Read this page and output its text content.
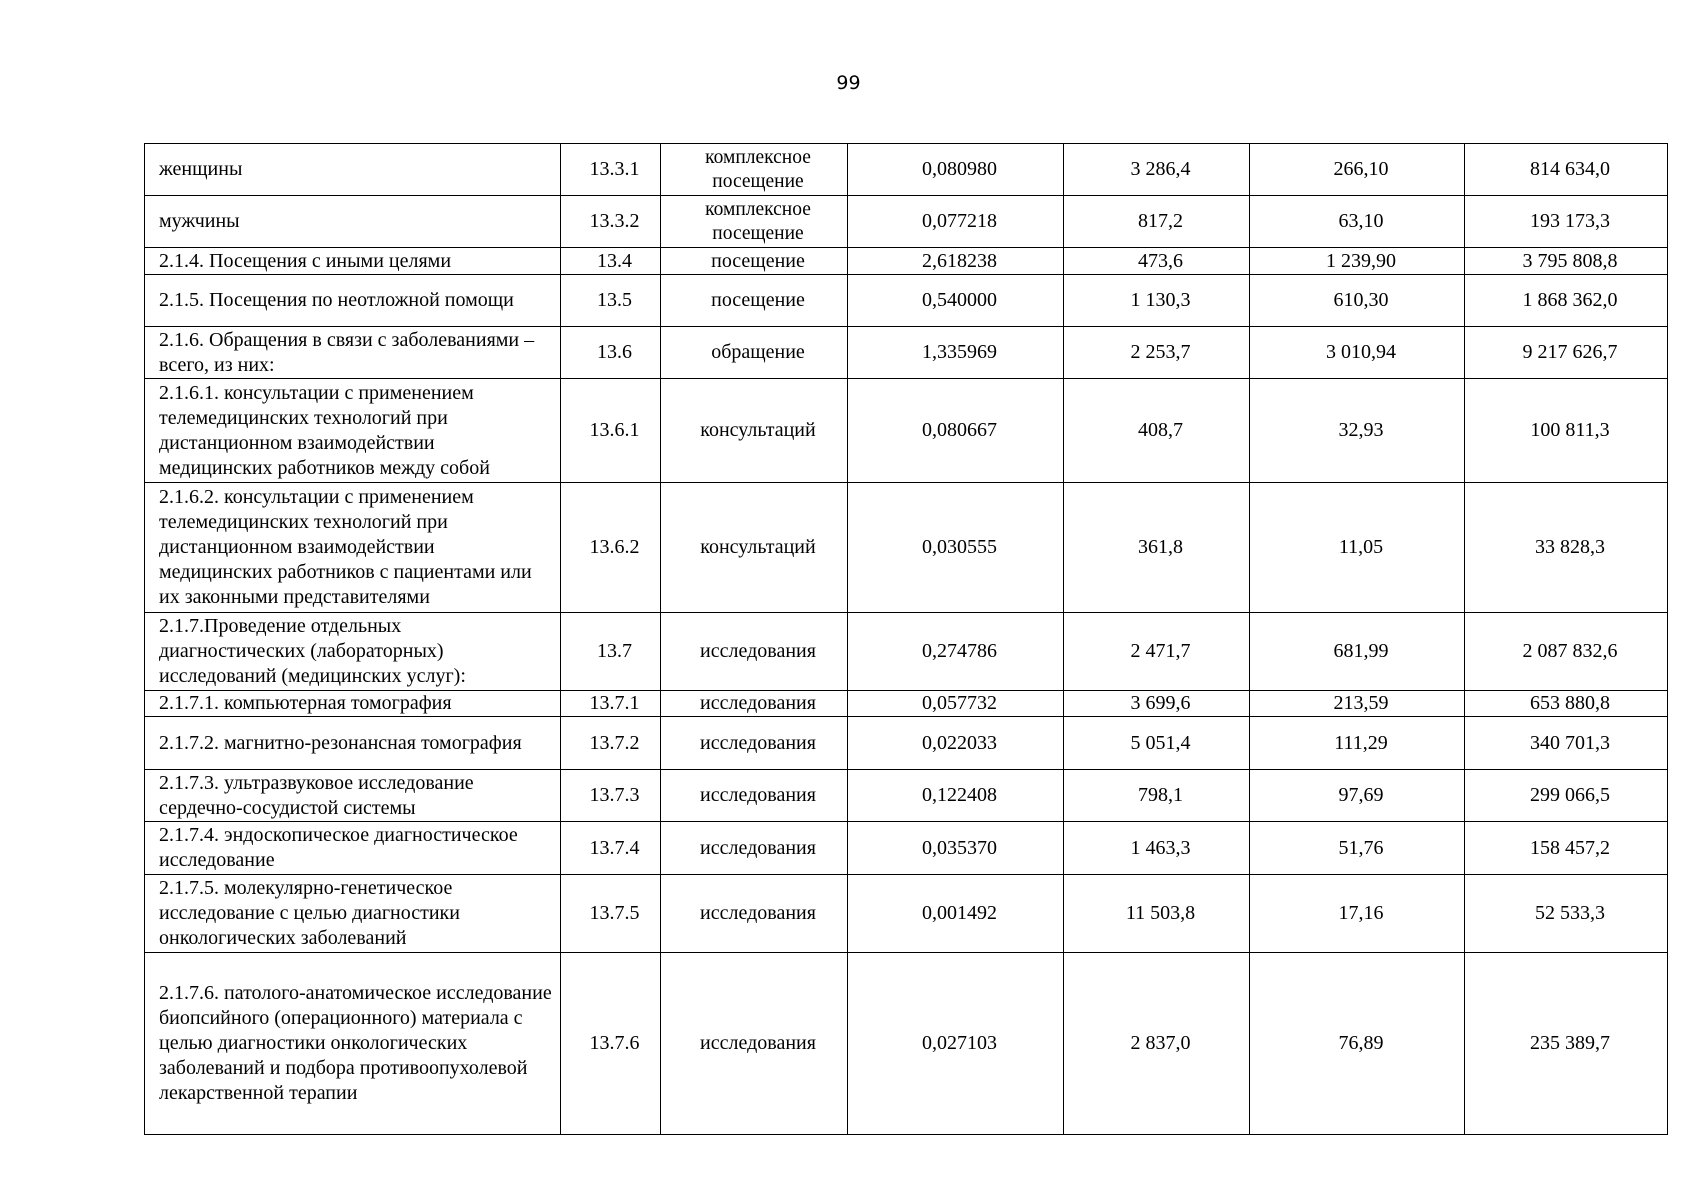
99
женщины	13.3.1	комплексное посещение	0,080980	3 286,4	266,10	814 634,0
мужчины	13.3.2	комплексное посещение	0,077218	817,2	63,10	193 173,3
2.1.4. Посещения с иными целями	13.4	посещение	2,618238	473,6	1 239,90	3 795 808,8
2.1.5. Посещения по неотложной помощи	13.5	посещение	0,540000	1 130,3	610,30	1 868 362,0
2.1.6. Обращения в связи с заболеваниями – всего, из них:	13.6	обращение	1,335969	2 253,7	3 010,94	9 217 626,7
2.1.6.1. консультации с применением телемедицинских технологий при дистанционном взаимодействии медицинских работников между собой	13.6.1	консультаций	0,080667	408,7	32,93	100 811,3
2.1.6.2. консультации с применением телемедицинских технологий при дистанционном взаимодействии медицинских работников с пациентами или их законными представителями	13.6.2	консультаций	0,030555	361,8	11,05	33 828,3
2.1.7.Проведение отдельных диагностических (лабораторных) исследований (медицинских услуг):	13.7	исследования	0,274786	2 471,7	681,99	2 087 832,6
2.1.7.1. компьютерная томография	13.7.1	исследования	0,057732	3 699,6	213,59	653 880,8
2.1.7.2. магнитно-резонансная томография	13.7.2	исследования	0,022033	5 051,4	111,29	340 701,3
2.1.7.3. ультразвуковое исследование сердечно-сосудистой системы	13.7.3	исследования	0,122408	798,1	97,69	299 066,5
2.1.7.4. эндоскопическое диагностическое исследование	13.7.4	исследования	0,035370	1 463,3	51,76	158 457,2
2.1.7.5. молекулярно-генетическое исследование с целью диагностики онкологических заболеваний	13.7.5	исследования	0,001492	11 503,8	17,16	52 533,3
2.1.7.6. патолого-анатомическое исследование биопсийного (операционного) материала с целью диагностики онкологических заболеваний и подбора противоопухолевой лекарственной терапии	13.7.6	исследования	0,027103	2 837,0	76,89	235 389,7
